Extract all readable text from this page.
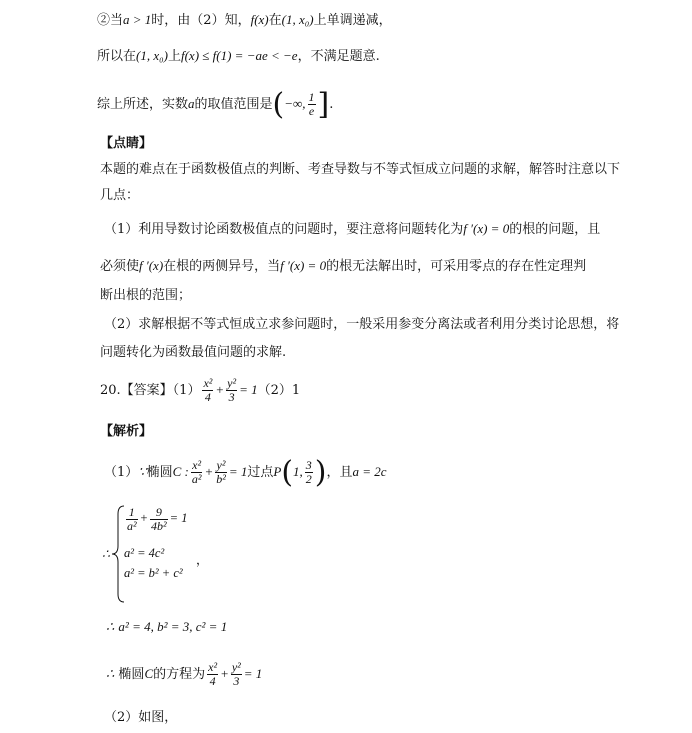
②当a > 1时，由（2）知，f(x)在(1, x₀)上单调递减，
所以在(1, x₀)上f(x) ≤ f(1) = −ae < −e，不满足题意.
综上所述，实数a的取值范围是(−∞, $\frac{1}{e}$ ].
【点睛】
本题的难点在于函数极值点的判断、考查导数与不等式恒成立问题的求解，解答时注意以下
几点：
（1）利用导数讨论函数极值点的问题时，要注意将问题转化为f ′(x) = 0的根的问题，且
必须使f ′(x)在根的两侧异号，当f ′(x) = 0的根无法解出时，可采用零点的存在性定理判
断出根的范围；
（2）求解根据不等式恒成立求参问题时，一般采用参变分离法或者利用分类讨论思想，将
问题转化为函数最值问题的求解.
20.【答案】$(1) \frac{\text{x²}}{4} + \frac{\text{y²}}{3} = 1(2)1$
【解析】
（1）∵椭圆C : $\frac{\text{x²}}{\text{a²}} + \frac{\text{y²}}{\text{b²}} = 1$过点P(1, $\frac{3}{2}$ )，且a = 2c
∴
$\frac{1}{\text{a²}} + \frac{9}{\text{4b²}} = 1$
a² = 4c²
a² = b² + c²
，
∴ a² = 4, b² = 3, c² = 1
∴ 椭圆C的方程为 $\frac{\text{x²}}{4} + \frac{\text{y²}}{3} = 1$
（2）如图，
